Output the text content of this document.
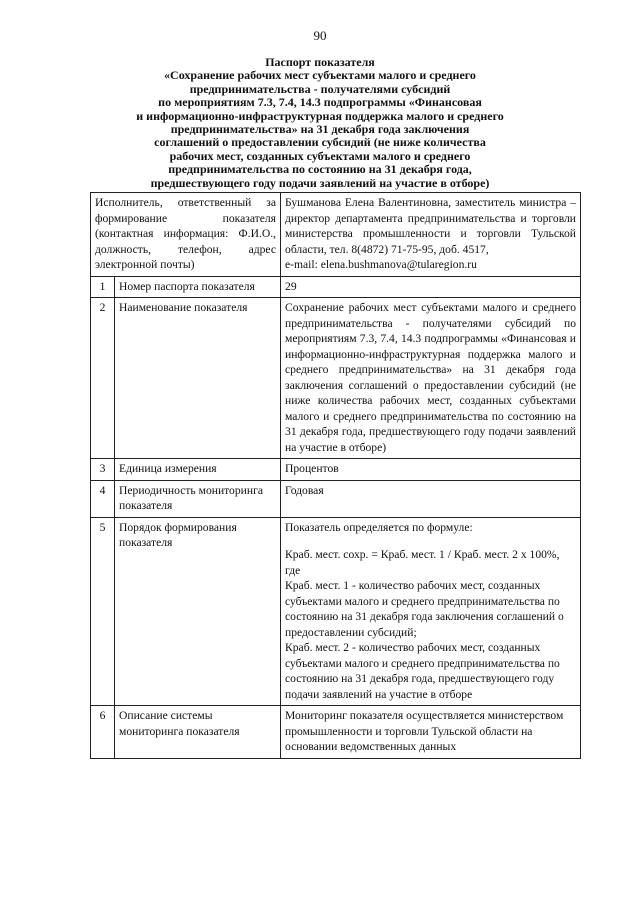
90
Паспорт показателя
«Сохранение рабочих мест субъектами малого и среднего
предпринимательства - получателями субсидий
по мероприятиям 7.3, 7.4, 14.3 подпрограммы «Финансовая
и информационно-инфраструктурная поддержка малого и среднего
предпринимательства» на 31 декабря года заключения
соглашений о предоставлении субсидий (не ниже количества
рабочих мест, созданных субъектами малого и среднего
предпринимательства по состоянию на 31 декабря года,
предшествующего году подачи заявлений на участие в отборе)
Исполнитель, ответственный за формирование показателя (контактная информация: Ф.И.О., должность, телефон, адрес электронной почты)		Бушманова Елена Валентиновна, заместитель министра – директор департамента предпринимательства и торговли министерства промышленности и торговли Тульской области, тел. 8(4872) 71-75-95, доб. 4517,
e-mail: elena.bushmanova@tularegion.ru
1	Номер паспорта показателя	29
2	Наименование показателя	Сохранение рабочих мест субъектами малого и среднего предпринимательства - получателями субсидий по мероприятиям 7.3, 7.4, 14.3 подпрограммы «Финансовая и информационно-инфраструктурная поддержка малого и среднего предпринимательства» на 31 декабря года заключения соглашений о предоставлении субсидий (не ниже количества рабочих мест, созданных субъектами малого и среднего предпринимательства по состоянию на 31 декабря года, предшествующего году подачи заявлений на участие в отборе)
3	Единица измерения	Процентов
4	Периодичность мониторинга показателя	Годовая
5	Порядок формирования показателя	Показатель определяется по формуле:
Краб. мест. сохр. = Краб. мест. 1 / Краб. мест. 2 х 100%, где
Краб. мест. 1 - количество рабочих мест, созданных субъектами малого и среднего предпринимательства по состоянию на 31 декабря года заключения соглашений о предоставлении субсидий;
Краб. мест. 2 - количество рабочих мест, созданных субъектами малого и среднего предпринимательства по состоянию на 31 декабря года, предшествующего году подачи заявлений на участие в отборе

6	Описание системы мониторинга показателя	Мониторинг показателя осуществляется министерством промышленности и торговли Тульской области на основании ведомственных данных
